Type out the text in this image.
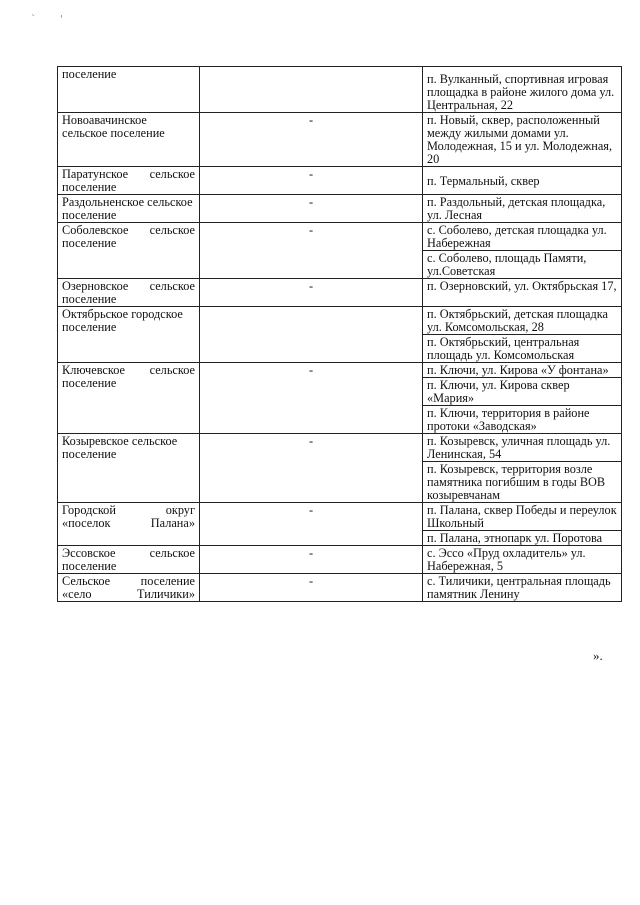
` '
поселение		п. Вулканный, спортивная игровая площадка в районе жилого дома ул. Центральная, 22
Новоавачинское сельское поселение	-	п. Новый, сквер, расположенный между жилыми домами ул. Молодежная, 15 и ул. Молодежная, 20
Паратунское сельское поселение	-	п. Термальный, сквер
Раздольненское сельское поселение	-	п. Раздольный, детская площадка, ул. Лесная
Соболевское сельское поселение	-	с. Соболево, детская площадка ул. Набережная
		с. Соболево, площадь Памяти, ул.Советская
Озерновское сельское поселение	-	п. Озерновский, ул. Октябрьская 17,
Октябрьское городское поселение		п. Октябрьский, детская площадка ул. Комсомольская, 28
		п. Октябрьский, центральная площадь ул. Комсомольская
Ключевское сельское поселение	-	п. Ключи, ул. Кирова «У фонтана»
		п. Ключи, ул. Кирова сквер «Мария»
		п. Ключи, территория в районе протоки «Заводская»
Козыревское сельское поселение	-	п. Козыревск, уличная площадь ул. Ленинская, 54
		п. Козыревск, территория возле памятника погибшим в годы ВОВ козыревчанам
Городской округ «поселок Палана»	-	п. Палана, сквер Победы и переулок Школьный
		п. Палана, этнопарк ул. Поротова
Эссовское сельское поселение	-	с. Эссо «Пруд охладитель» ул. Набережная, 5
Сельское поселение «село Тиличики»	-	с. Тиличики, центральная площадь памятник Ленину
».
